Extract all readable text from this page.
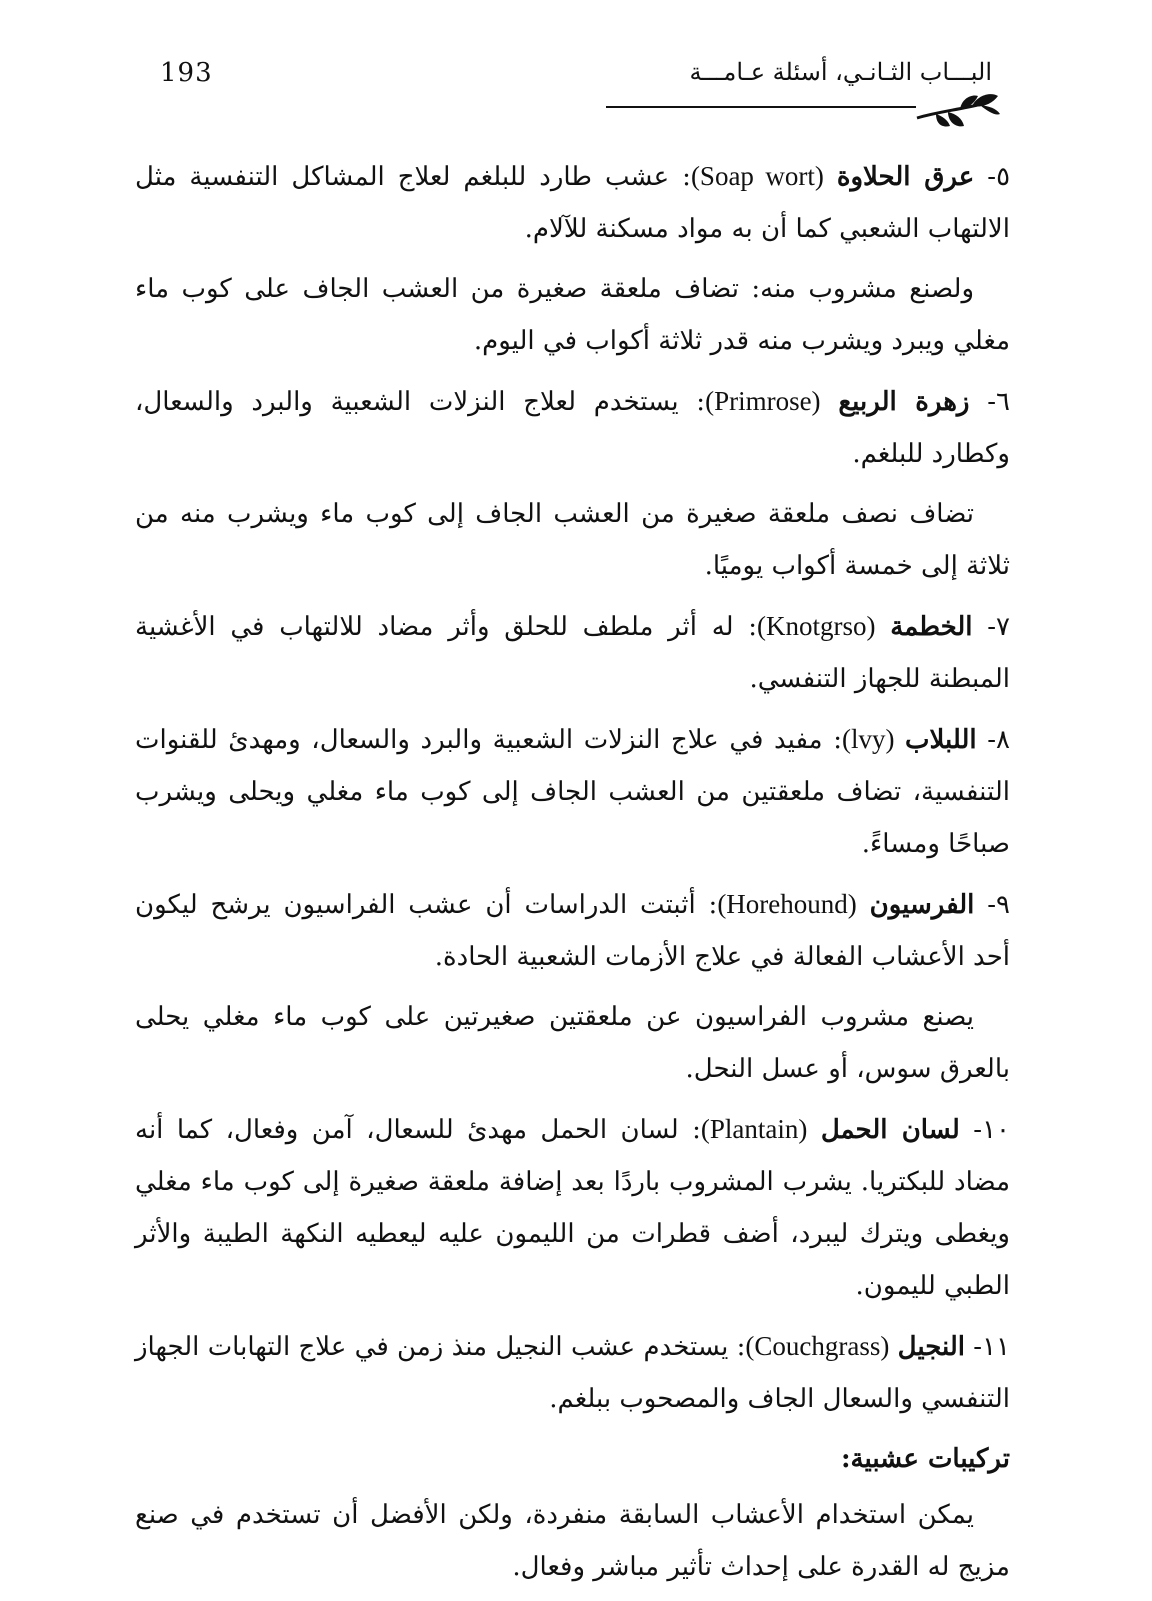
193	البـــاب الثـانـي، أسئلة عـامـــة

٥- عرق الحلاوة (Soap wort): عشب طارد للبلغم لعلاج المشاكل التنفسية مثل الالتهاب الشعبي كما أن به مواد مسكنة للآلام.

ولصنع مشروب منه: تضاف ملعقة صغيرة من العشب الجاف على كوب ماء مغلي ويبرد ويشرب منه قدر ثلاثة أكواب في اليوم.

٦- زهرة الربيع (Primrose): يستخدم لعلاج النزلات الشعبية والبرد والسعال، وكطارد للبلغم.

تضاف نصف ملعقة صغيرة من العشب الجاف إلى كوب ماء ويشرب منه من ثلاثة إلى خمسة أكواب يوميًا.

٧- الخطمة (Knotgrso): له أثر ملطف للحلق وأثر مضاد للالتهاب في الأغشية المبطنة للجهاز التنفسي.

٨- اللبلاب (lvy): مفيد في علاج النزلات الشعبية والبرد والسعال، ومهدئ للقنوات التنفسية، تضاف ملعقتين من العشب الجاف إلى كوب ماء مغلي ويحلى ويشرب صباحًا ومساءً.

٩- الفرسيون (Horehound): أثبتت الدراسات أن عشب الفراسيون يرشح ليكون أحد الأعشاب الفعالة في علاج الأزمات الشعبية الحادة.

يصنع مشروب الفراسيون عن ملعقتين صغيرتين على كوب ماء مغلي يحلى بالعرق سوس، أو عسل النحل.

١٠- لسان الحمل (Plantain): لسان الحمل مهدئ للسعال، آمن وفعال، كما أنه مضاد للبكتريا. يشرب المشروب باردًا بعد إضافة ملعقة صغيرة إلى كوب ماء مغلي ويغطى ويترك ليبرد، أضف قطرات من الليمون عليه ليعطيه النكهة الطيبة والأثر الطبي لليمون.

١١- النجيل (Couchgrass): يستخدم عشب النجيل منذ زمن في علاج التهابات الجهاز التنفسي والسعال الجاف والمصحوب ببلغم.

تركيبات عشبية:

يمكن استخدام الأعشاب السابقة منفردة، ولكن الأفضل أن تستخدم في صنع مزيج له القدرة على إحداث تأثير مباشر وفعال.
